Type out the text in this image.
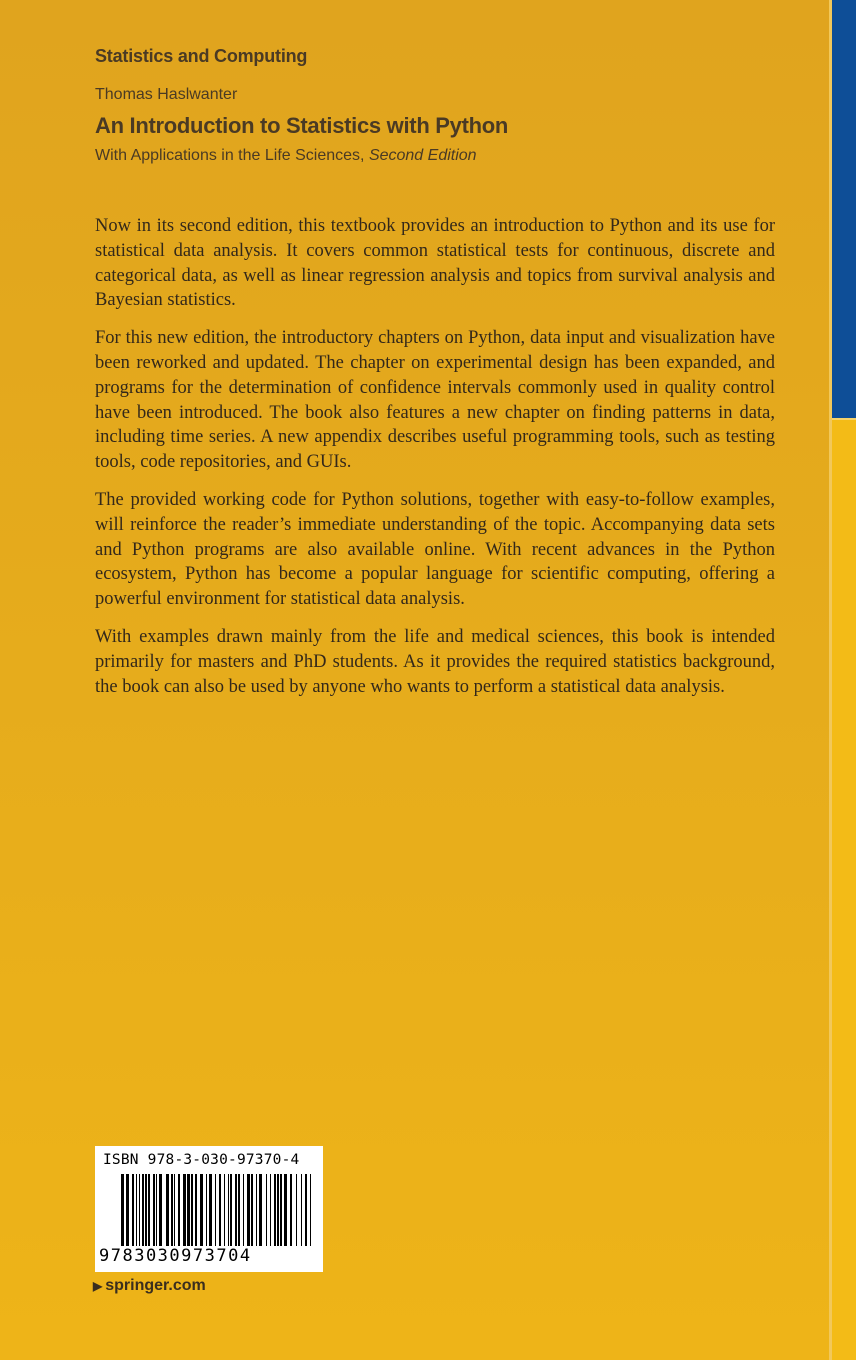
Statistics and Computing
Thomas Haslwanter
An Introduction to Statistics with Python
With Applications in the Life Sciences, Second Edition

Now in its second edition, this textbook provides an introduction to Python and its use for statistical data analysis. It covers common statistical tests for continuous, discrete and categorical data, as well as linear regression analysis and topics from survival analysis and Bayesian statistics.

For this new edition, the introductory chapters on Python, data input and visualization have been reworked and updated. The chapter on experimental design has been expanded, and programs for the determination of confidence intervals commonly used in quality control have been introduced. The book also features a new chapter on finding patterns in data, including time series. A new appendix describes useful programming tools, such as testing tools, code repositories, and GUIs.

The provided working code for Python solutions, together with easy-to-follow examples, will reinforce the reader’s immediate understanding of the topic. Accompanying data sets and Python programs are also available online. With recent advances in the Python ecosystem, Python has become a popular language for scientific computing, offering a powerful environment for statistical data analysis.

With examples drawn mainly from the life and medical sciences, this book is intended primarily for masters and PhD students. As it provides the required statistics background, the book can also be used by anyone who wants to perform a statistical data analysis.

ISBN 978-3-030-97370-4
9783030973704
▶ springer.com
